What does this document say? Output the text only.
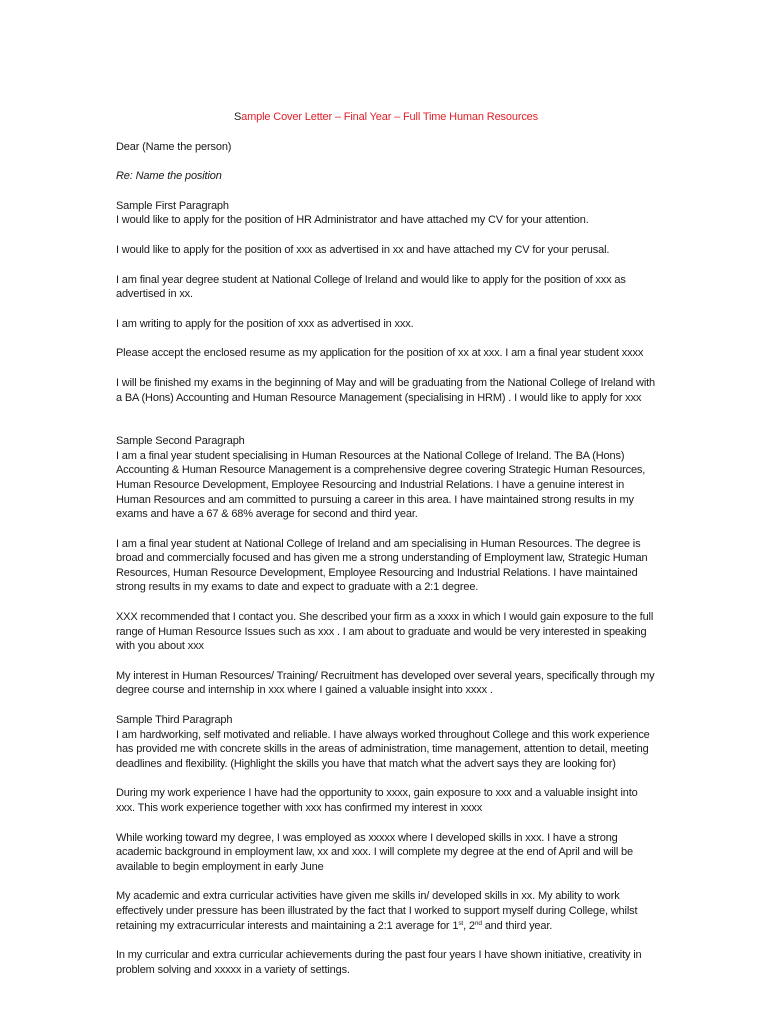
Sample Cover Letter – Final Year – Full Time Human Resources

Dear (Name the person)

Re: Name the position

Sample First Paragraph

I would like to apply for the position of HR Administrator and have attached my CV for your attention.

I would like to apply for the position of xxx as advertised in xx and have attached my CV for your perusal.

I am final year degree student at National College of Ireland and would like to apply for the position of xxx as advertised in xx.

I am writing to apply for the position of xxx as advertised in xxx.

Please accept the enclosed resume as my application for the position of xx at xxx. I am a final year student xxxx

I will be finished my exams in the beginning of May and will be graduating from the National College of Ireland with a BA (Hons) Accounting and Human Resource Management (specialising in HRM) . I would like to apply for xxx

Sample Second Paragraph

I am a final year student specialising in Human Resources at the National College of Ireland. The BA (Hons) Accounting & Human Resource Management is a comprehensive degree covering Strategic Human Resources, Human Resource Development, Employee Resourcing and Industrial Relations. I have a genuine interest in Human Resources and am committed to pursuing a career in this area. I have maintained strong results in my exams and have a 67 & 68% average for second and third year.

I am a final year student at National College of Ireland and am specialising in Human Resources. The degree is broad and commercially focused and has given me a strong understanding of Employment law, Strategic Human Resources, Human Resource Development, Employee Resourcing and Industrial Relations. I have maintained strong results in my exams to date and expect to graduate with a 2:1 degree.

XXX recommended that I contact you. She described your firm as a xxxx in which I would gain exposure to the full range of Human Resource Issues such as xxx . I am about to graduate and would be very interested in speaking with you about xxx

My interest in Human Resources/ Training/ Recruitment has developed over several years, specifically through my degree course and internship in xxx where I gained a valuable insight into xxxx .

Sample Third Paragraph

I am hardworking, self motivated and reliable. I have always worked throughout College and this work experience has provided me with concrete skills in the areas of administration, time management, attention to detail, meeting deadlines and flexibility. (Highlight the skills you have that match what the advert says they are looking for)

During my work experience I have had the opportunity to xxxx, gain exposure to xxx and a valuable insight into xxx. This work experience together with xxx has confirmed my interest in xxxx

While working toward my degree, I was employed as xxxxx where I developed skills in xxx. I have a strong academic background in employment law, xx and xxx. I will complete my degree at the end of April and will be available to begin employment in early June

My academic and extra curricular activities have given me skills in/ developed skills in xx. My ability to work effectively under pressure has been illustrated by the fact that I worked to support myself during College, whilst retaining my extracurricular interests and maintaining a 2:1 average for 1st, 2nd and third year.

In my curricular and extra curricular achievements during the past four years I have shown initiative, creativity in problem solving and xxxxx in a variety of settings.
